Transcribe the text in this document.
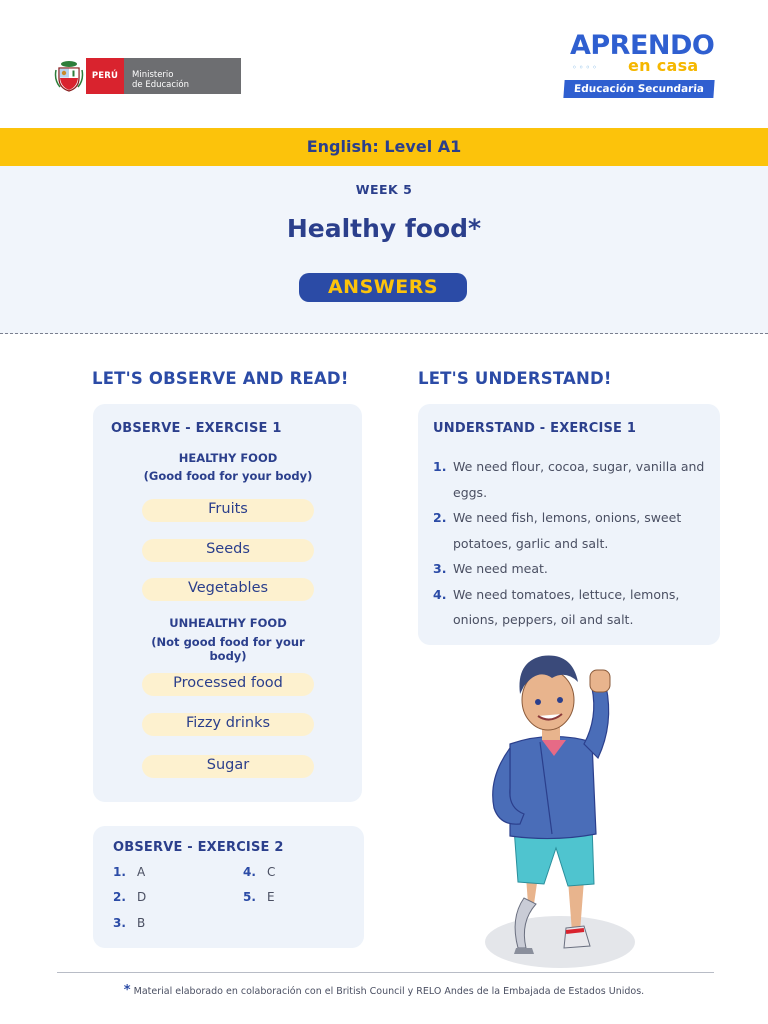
PERÚ	Ministerio
de Educación
APRENDO
◦◦◦◦ en casa
Educación Secundaria
English: Level A1
WEEK 5
Healthy food*
ANSWERS
LET'S OBSERVE AND READ!	LET'S UNDERSTAND!
OBSERVE - EXERCISE 1
HEALTHY FOOD
(Good food for your body)
Fruits
Seeds
Vegetables
UNHEALTHY FOOD
(Not good food for your
body)
Processed food
Fizzy drinks
Sugar
OBSERVE - EXERCISE 2
1. A
2. D
3. B
4. C
5. E
UNDERSTAND - EXERCISE 1
1. We need flour, cocoa, sugar, vanilla and eggs.
2. We need fish, lemons, onions, sweet potatoes, garlic and salt.
3. We need meat.
4. We need tomatoes, lettuce, lemons, onions, peppers, oil and salt.
* Material elaborado en colaboración con el British Council y RELO Andes de la Embajada de Estados Unidos.
